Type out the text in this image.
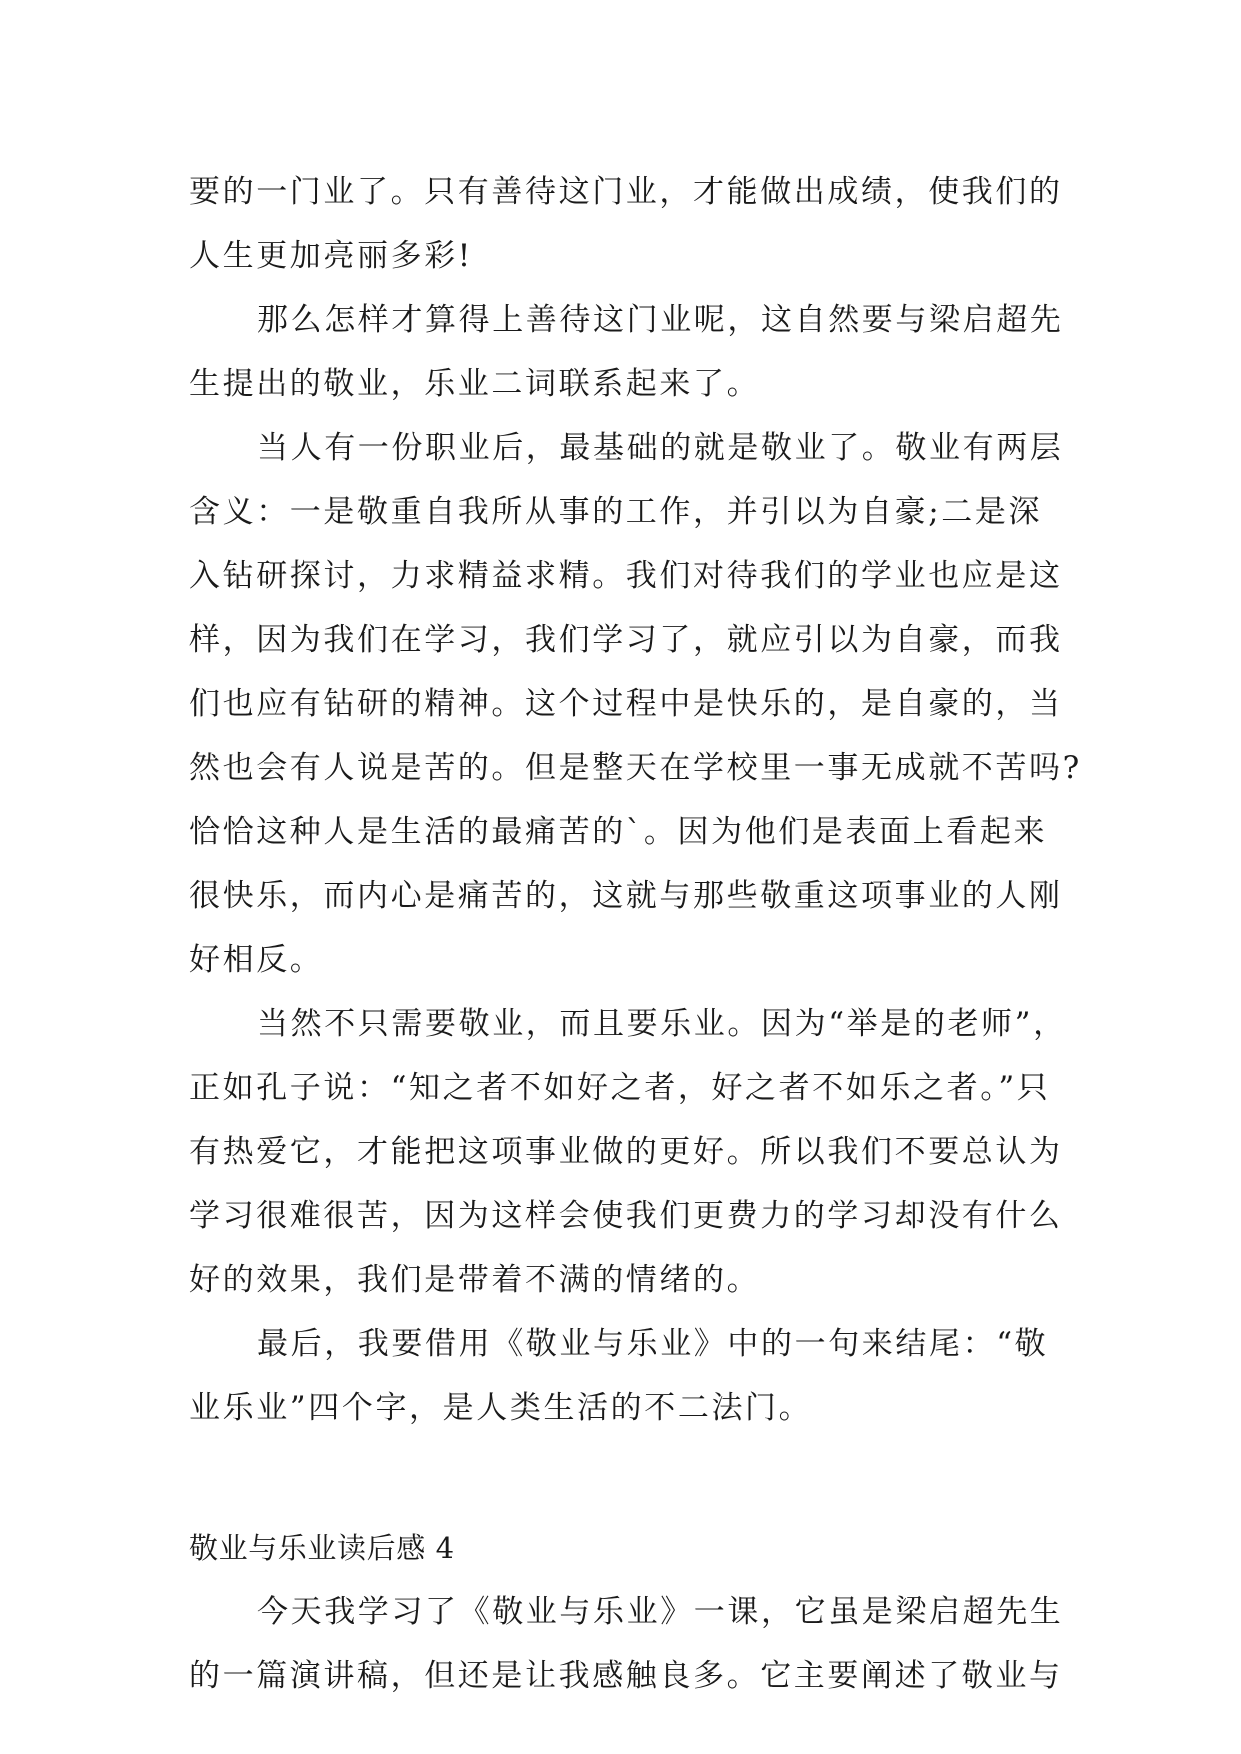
要的一门业了。只有善待这门业，才能做出成绩，使我们的
人生更加亮丽多彩!
那么怎样才算得上善待这门业呢，这自然要与梁启超先
生提出的敬业，乐业二词联系起来了。
当人有一份职业后，最基础的就是敬业了。敬业有两层
含义：一是敬重自我所从事的工作，并引以为自豪;二是深
入钻研探讨，力求精益求精。我们对待我们的学业也应是这
样，因为我们在学习，我们学习了，就应引以为自豪，而我
们也应有钻研的精神。这个过程中是快乐的，是自豪的，当
然也会有人说是苦的。但是整天在学校里一事无成就不苦吗?
恰恰这种人是生活的最痛苦的`。因为他们是表面上看起来
很快乐，而内心是痛苦的，这就与那些敬重这项事业的人刚
好相反。
当然不只需要敬业，而且要乐业。因为“举是的老师”，
正如孔子说：“知之者不如好之者，好之者不如乐之者。”只
有热爱它，才能把这项事业做的更好。所以我们不要总认为
学习很难很苦，因为这样会使我们更费力的学习却没有什么
好的效果，我们是带着不满的情绪的。
最后，我要借用《敬业与乐业》中的一句来结尾：“敬
业乐业”四个字，是人类生活的不二法门。
敬业与乐业读后感 4
今天我学习了《敬业与乐业》一课，它虽是梁启超先生
的一篇演讲稿，但还是让我感触良多。它主要阐述了敬业与
